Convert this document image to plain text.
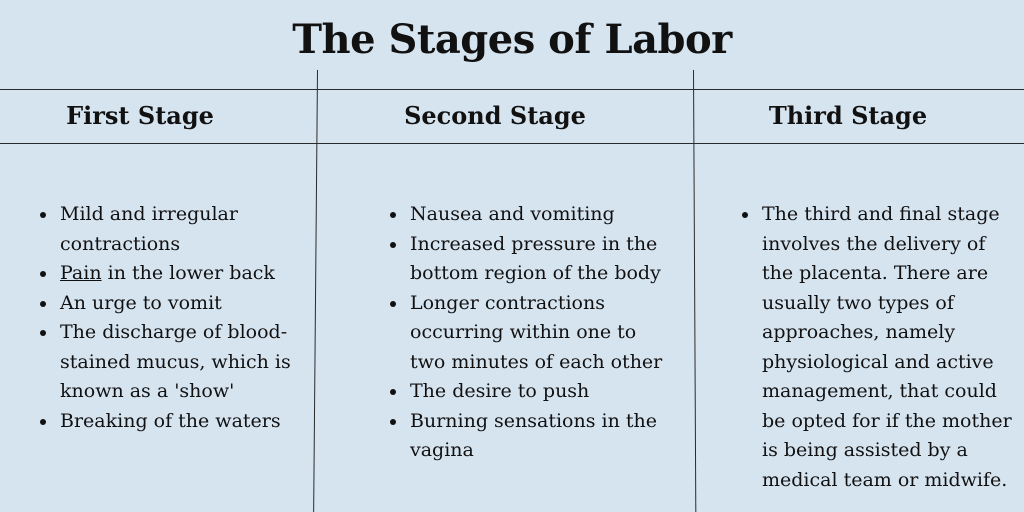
The Stages of Labor
First Stage	Second Stage	Third Stage
• Mild and irregular contractions
• Pain in the lower back
• An urge to vomit
• The discharge of blood-stained mucus, which is known as a 'show'
• Breaking of the waters
• Nausea and vomiting
• Increased pressure in the bottom region of the body
• Longer contractions occurring within one to two minutes of each other
• The desire to push
• Burning sensations in the vagina
• The third and final stage involves the delivery of the placenta. There are usually two types of approaches, namely physiological and active management, that could be opted for if the mother is being assisted by a medical team or midwife.
